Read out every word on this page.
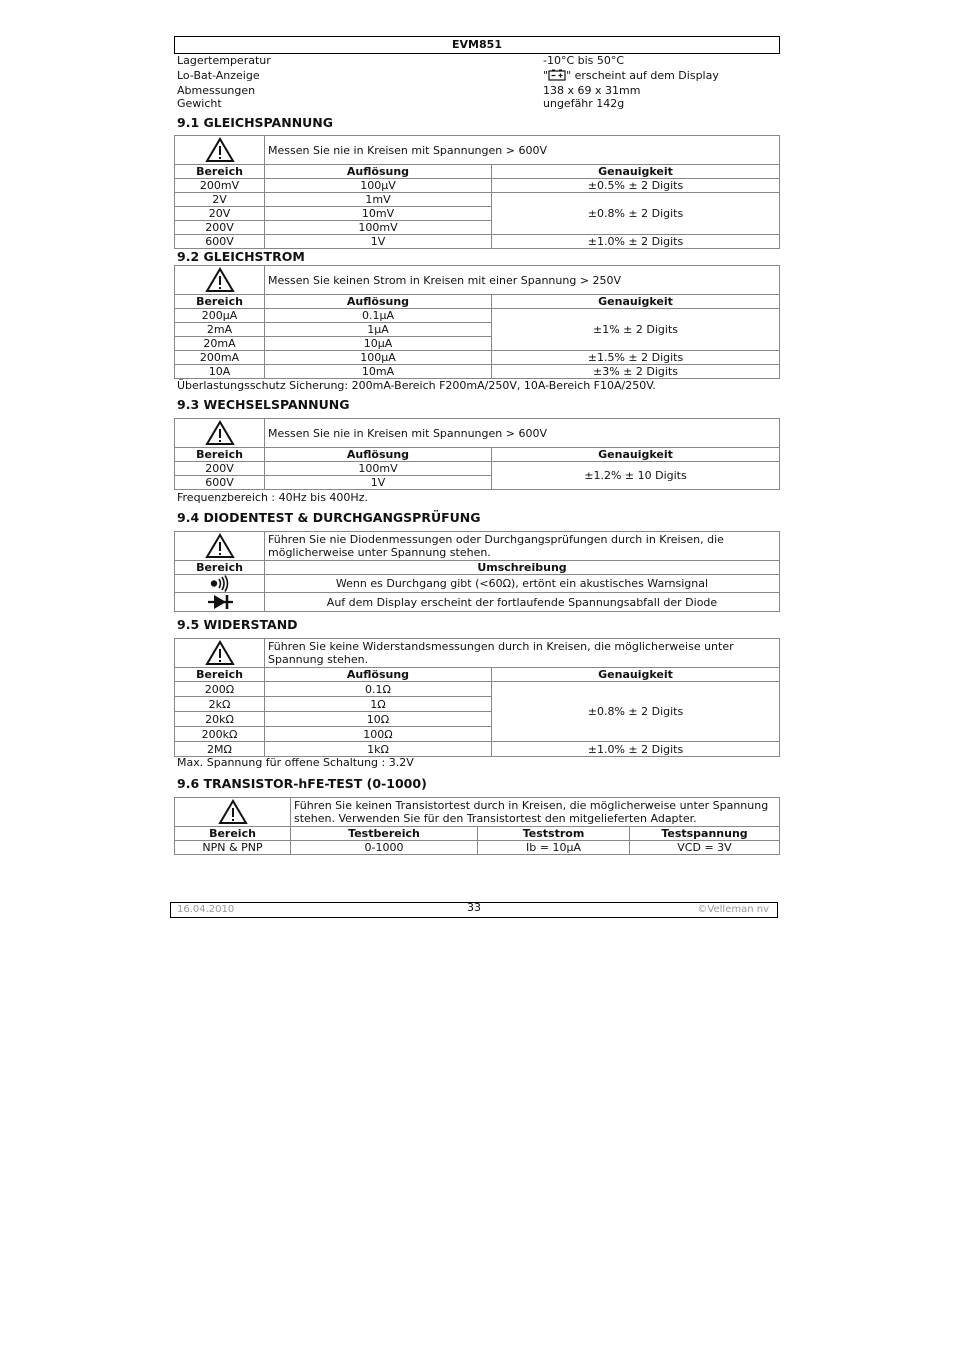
EVM851
Lagertemperatur	-10°C bis 50°C
Lo-Bat-Anzeige	" " erscheint auf dem Display
Abmessungen	138 x 69 x 31mm
Gewicht	ungefähr 142g
9.1 GLEICHSPANNUNG
	Messen Sie nie in Kreisen mit Spannungen > 600V	
Bereich	Auflösung	Genauigkeit
200mV	100µV	±0.5% ± 2 Digits
2V	1mV	±0.8% ± 2 Digits
20V	10mV	
200V	100mV	
600V	1V	±1.0% ± 2 Digits
9.2 GLEICHSTROM
	Messen Sie keinen Strom in Kreisen mit einer Spannung > 250V	
Bereich	Auflösung	Genauigkeit
200µA	0.1µA	±1% ± 2 Digits
2mA	1µA	
20mA	10µA	
200mA	100µA	±1.5% ± 2 Digits
10A	10mA	±3% ± 2 Digits
Überlastungsschutz Sicherung: 200mA-Bereich F200mA/250V, 10A-Bereich F10A/250V.
9.3 WECHSELSPANNUNG
	Messen Sie nie in Kreisen mit Spannungen > 600V	
Bereich	Auflösung	Genauigkeit
200V	100mV	±1.2% ± 10 Digits
600V	1V	
Frequenzbereich : 40Hz bis 400Hz.
9.4 DIODENTEST & DURCHGANGSPRÜFUNG
	Führen Sie nie Diodenmessungen oder Durchgangsprüfungen durch in Kreisen, die möglicherweise unter Spannung stehen.
Bereich	Umschreibung

	Wenn es Durchgang gibt (<60Ω), ertönt ein akustisches Warnsignal

	Auf dem Display erscheint der fortlaufende Spannungsabfall der Diode
9.5 WIDERSTAND
	Führen Sie keine Widerstandsmessungen durch in Kreisen, die möglicherweise unter Spannung stehen.	
Bereich	Auflösung	Genauigkeit
200Ω	0.1Ω	±0.8% ± 2 Digits
2kΩ	1Ω	
20kΩ	10Ω	
200kΩ	100Ω	
2MΩ	1kΩ	±1.0% ± 2 Digits
Max. Spannung für offene Schaltung : 3.2V
9.6 TRANSISTOR-hFE-TEST (0-1000)
	Führen Sie keinen Transistortest durch in Kreisen, die möglicherweise unter Spannung stehen. Verwenden Sie für den Transistortest den mitgelieferten Adapter.		
Bereich	Testbereich	Teststrom	Testspannung
NPN & PNP	0-1000	Ib = 10µA	VCD = 3V
16.04.2010	33	©Velleman nv
